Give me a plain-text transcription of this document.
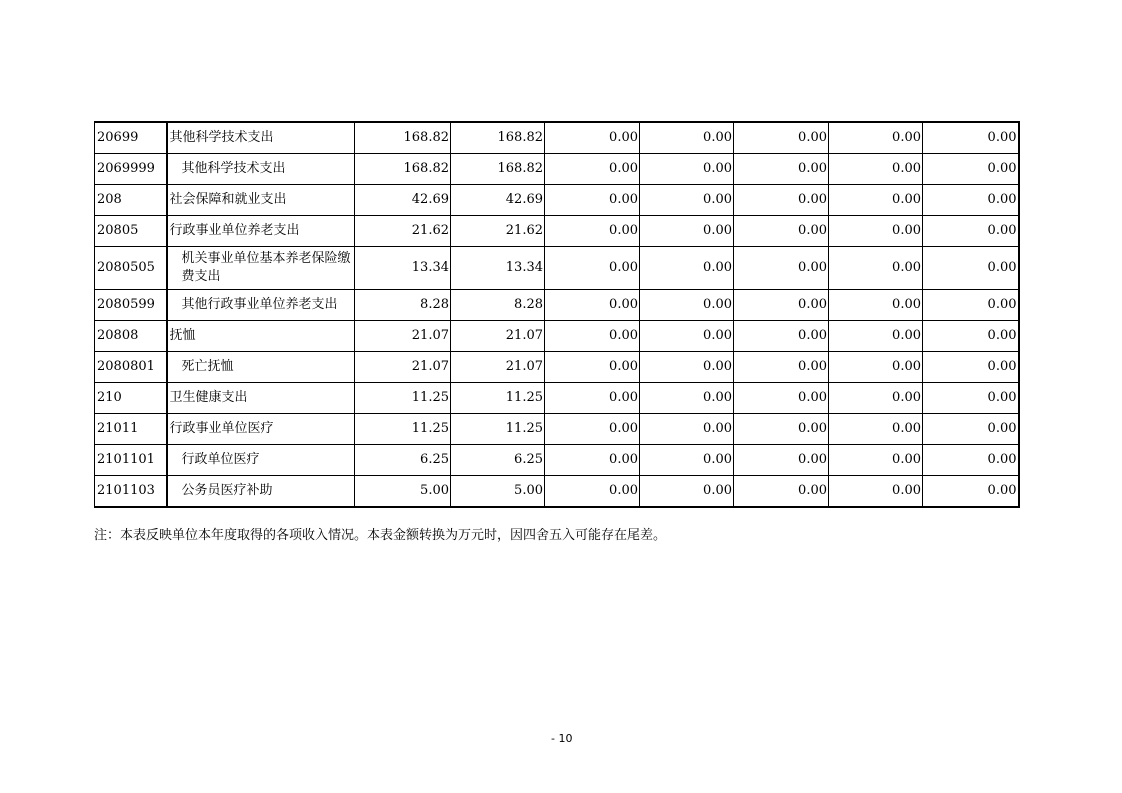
20699	其他科学技术支出	168.82	168.82	0.00	0.00	0.00	0.00	0.00
2069999	其他科学技术支出	168.82	168.82	0.00	0.00	0.00	0.00	0.00
208	社会保障和就业支出	42.69	42.69	0.00	0.00	0.00	0.00	0.00
20805	行政事业单位养老支出	21.62	21.62	0.00	0.00	0.00	0.00	0.00
2080505	机关事业单位基本养老保险缴费支出	13.34	13.34	0.00	0.00	0.00	0.00	0.00
2080599	其他行政事业单位养老支出	8.28	8.28	0.00	0.00	0.00	0.00	0.00
20808	抚恤	21.07	21.07	0.00	0.00	0.00	0.00	0.00
2080801	死亡抚恤	21.07	21.07	0.00	0.00	0.00	0.00	0.00
210	卫生健康支出	11.25	11.25	0.00	0.00	0.00	0.00	0.00
21011	行政事业单位医疗	11.25	11.25	0.00	0.00	0.00	0.00	0.00
2101101	行政单位医疗	6.25	6.25	0.00	0.00	0.00	0.00	0.00
2101103	公务员医疗补助	5.00	5.00	0.00	0.00	0.00	0.00	0.00
注：本表反映单位本年度取得的各项收入情况。本表金额转换为万元时，因四舍五入可能存在尾差。
- 10
